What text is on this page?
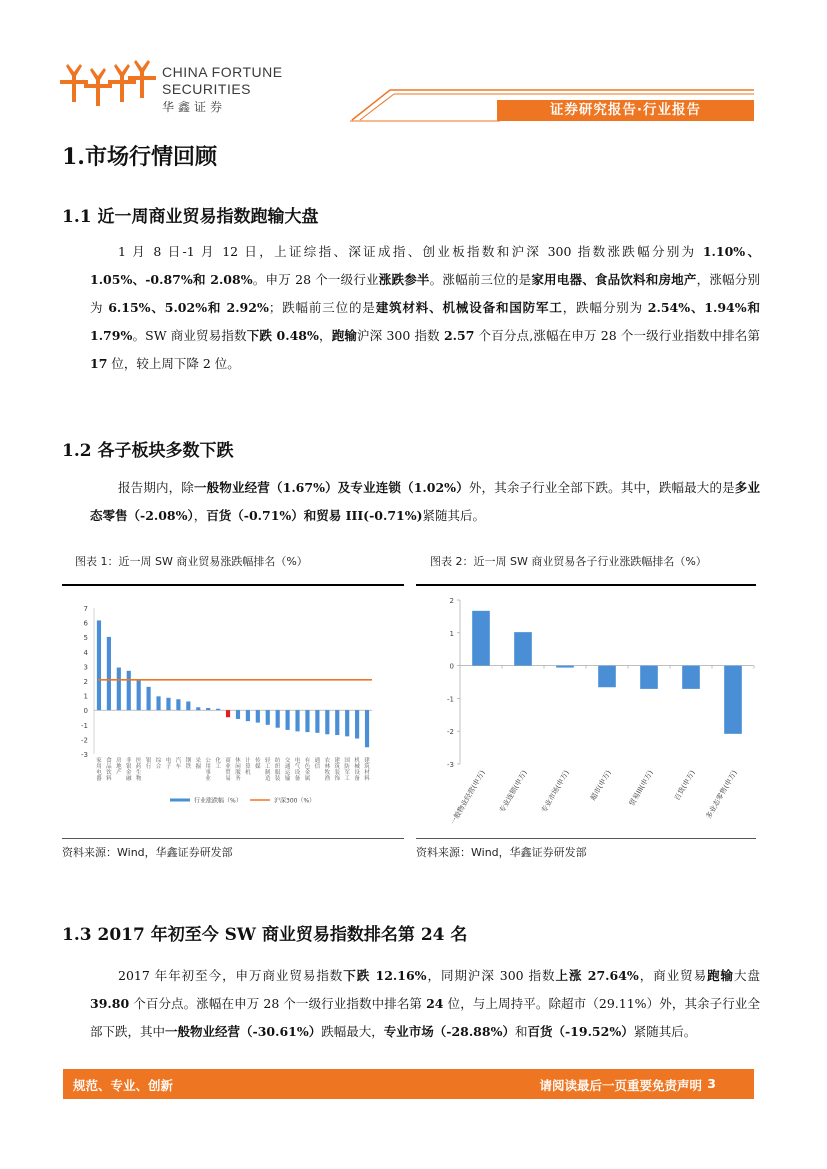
CHINA FORTUNE
SECURITIES
华鑫证券	证券研究报告·行业报告
1.市场行情回顾
1.1 近一周商业贸易指数跑输大盘

1 月 8 日-1 月 12 日，上证综指、深证成指、创业板指数和沪深 300 指数涨跌幅分别为 1.10%、1.05%、-0.87%和 2.08%。申万 28 个一级行业涨跌参半。涨幅前三位的是家用电器、食品饮料和房地产，涨幅分别为 6.15%、5.02%和 2.92%；跌幅前三位的是建筑材料、机械设备和国防军工，跌幅分别为 2.54%、1.94%和 1.79%。SW 商业贸易指数下跌 0.48%，跑输沪深 300 指数 2.57 个百分点,涨幅在申万 28 个一级行业指数中排名第 17 位，较上周下降 2 位。

1.2 各子板块多数下跌

报告期内，除一般物业经营（1.67%）及专业连锁（1.02%）外，其余子行业全部下跌。其中，跌幅最大的是多业态零售（-2.08%），百货（-0.71%）和贸易 III(-0.71%)紧随其后。

图表 1：近一周 SW 商业贸易涨跌幅排名（%）
-3
-2
-1
0
1
2
3
4
5
6
7
家用电器
食品饮料
房地产
非银金融
医药生物
银行
综合
电子
汽车
钢铁
采掘
公用事业
化工
商业贸易
休闲服务
计算机
传媒
轻工制造
纺织服装
交通运输
电气设备
有色金属
通信
农林牧渔
建筑装饰
国防军工
机械设备
建筑材料
行业涨跌幅（%）	沪深300（%）
资料来源：Wind，华鑫证券研发部
图表 2：近一周 SW 商业贸易各子行业涨跌幅排名（%）
-3
-2
-1
0
1
2
一般物业经营(申万) 专业连锁(申万) 专业市场(申万)	超市(申万) 贸易III(申万)	百货(申万) 多业态零售(申万)
资料来源：Wind，华鑫证券研发部
1.3 2017 年初至今 SW 商业贸易指数排名第 24 名

2017 年年初至今，申万商业贸易指数下跌 12.16%，同期沪深 300 指数上涨 27.64%，商业贸易跑输大盘 39.80 个百分点。涨幅在申万 28 个一级行业指数中排名第 24 位，与上周持平。除超市（29.11%）外，其余子行业全部下跌，其中一般物业经营（-30.61%）跌幅最大，专业市场（-28.88%）和百货（-19.52%）紧随其后。

规范、专业、创新	请阅读最后一页重要免责声明 3
